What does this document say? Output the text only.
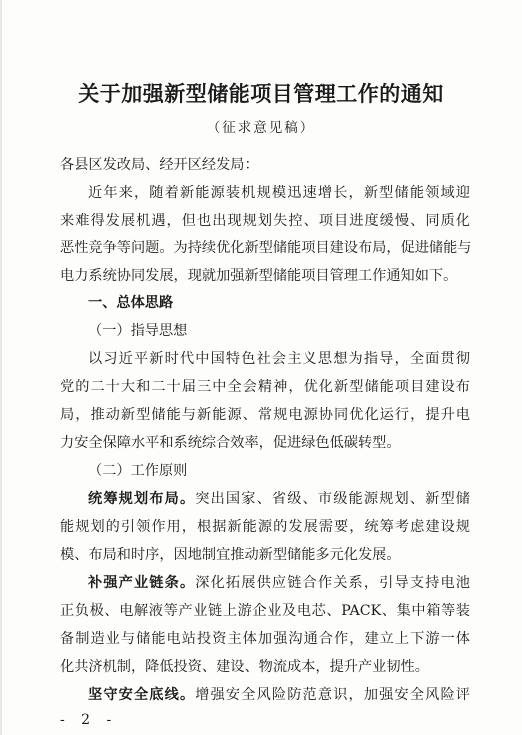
关于加强新型储能项目管理工作的通知
（征求意见稿）
各县区发改局、经开区经发局：
近年来，随着新能源装机规模迅速增长，新型储能领域迎
来难得发展机遇，但也出现规划失控、项目进度缓慢、同质化
恶性竞争等问题。为持续优化新型储能项目建设布局，促进储能与
电力系统协同发展，现就加强新型储能项目管理工作通知如下。
一、总体思路
（一）指导思想
以习近平新时代中国特色社会主义思想为指导，全面贯彻
党的二十大和二十届三中全会精神，优化新型储能项目建设布
局，推动新型储能与新能源、常规电源协同优化运行，提升电
力安全保障水平和系统综合效率，促进绿色低碳转型。
（二）工作原则
统筹规划布局。突出国家、省级、市级能源规划、新型储
能规划的引领作用，根据新能源的发展需要，统筹考虑建设规
模、布局和时序，因地制宜推动新型储能多元化发展。
补强产业链条。深化拓展供应链合作关系，引导支持电池
正负极、电解液等产业链上游企业及电芯、PACK、集中箱等装
备制造业与储能电站投资主体加强沟通合作，建立上下游一体
化共济机制，降低投资、建设、物流成本，提升产业韧性。
坚守安全底线。增强安全风险防范意识，加强安全风险评
- 2 -
